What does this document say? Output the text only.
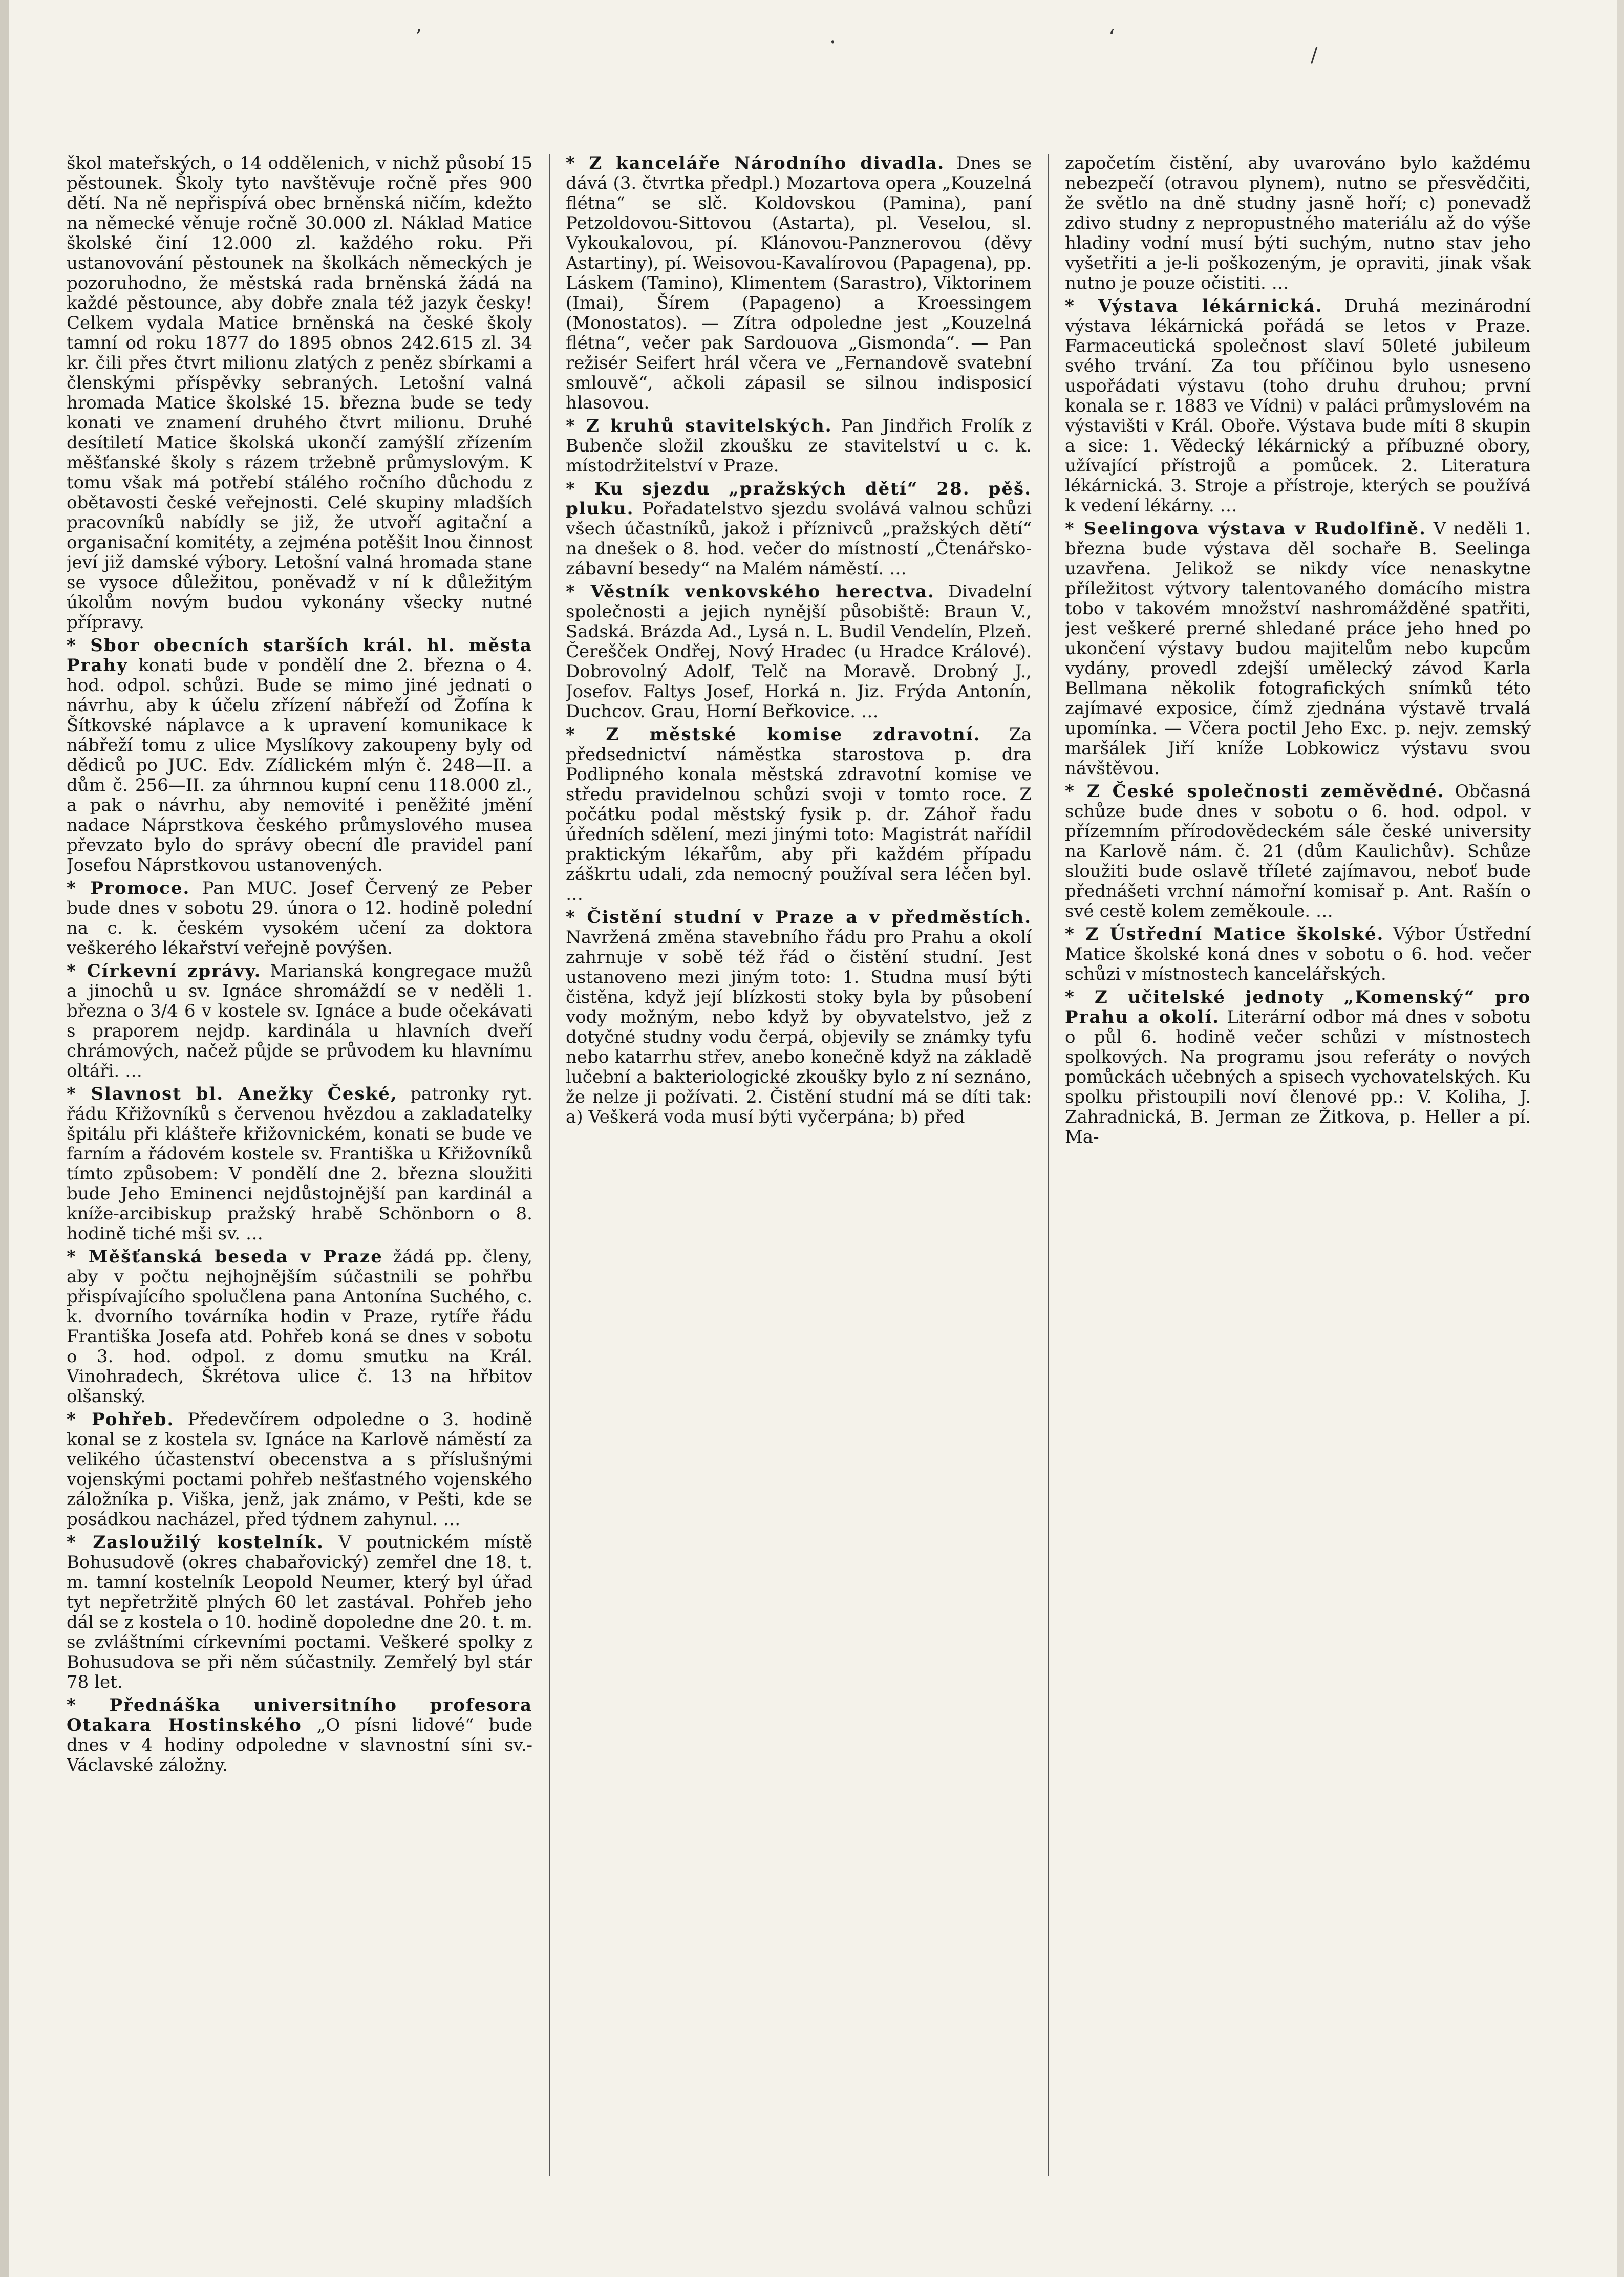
ʼ	·	ʻ
/

škol mateřských, o 14 oddělenich, v nichž působí 15 pěstounek. Školy tyto navštěvuje ročně přes 900 dětí. Na ně nepřispívá obec brněnská ničím, kdežto na německé věnuje ročně 30.000 zl. Náklad Matice školské činí 12.000 zl. každého roku. Při ustanovování pěstounek na školkách německých je pozoruhodno, že městská rada brněnská žádá na každé pěstounce, aby dobře znala též jazyk česky! Celkem vydala Matice brněnská na české školy tamní od roku 1877 do 1895 obnos 242.615 zl. 34 kr. čili přes čtvrt milionu zlatých z peněz sbírkami a členskými příspěvky sebraných. Letošní valná hromada Matice školské 15. března bude se tedy konati ve znamení druhého čtvrt milionu. Druhé desítiletí Matice školská ukončí zamýšlí zřízením měšťanské školy s rázem tržebně průmyslovým. K tomu však má potřebí stálého ročního důchodu z obětavosti české veřejnosti. Celé skupiny mladších pracovníků nabídly se již, že utvoří agitační a organisační komitéty, a zejména potěšit lnou činnost jeví již damské výbory. Letošní valná hromada stane se vysoce důležitou, poněvadž v ní k důležitým úkolům novým budou vykonány všecky nutné přípravy.

* Sbor obecních starších král. hl. města Prahy konati bude v pondělí dne 2. března o 4. hod. odpol. schůzi. Bude se mimo jiné jednati o návrhu, aby k účelu zřízení nábřeží od Žofína k Šítkovské náplavce a k upravení komunikace k nábřeží tomu z ulice Myslíkovy zakoupeny byly od dědiců po JUC. Edv. Zídlickém mlýn č. 248—II. a dům č. 256—II. za úhrnnou kupní cenu 118.000 zl., a pak o návrhu, aby nemovité i peněžité jmění nadace Náprstkova českého průmyslového musea převzato bylo do správy obecní dle pravidel paní Josefou Náprstkovou ustanovených.

* Promoce. Pan MUC. Josef Červený ze Peber bude dnes v sobotu 29. února o 12. hodině polední na c. k. českém vysokém učení za doktora veškerého lékařství veřejně povýšen.

* Církevní zprávy. Marianská kongregace mužů a jinochů u sv. Ignáce shromáždí se v neděli 1. března o 3/4 6 v kostele sv. Ignáce a bude očekávati s praporem nejdp. kardinála u hlavních dveří chrámových, načež půjde se průvodem ku hlavnímu oltáři. …

* Slavnost bl. Anežky České, patronky ryt. řádu Křižovníků s červenou hvězdou a zakladatelky špitálu při klášteře křižovnickém, konati se bude ve farním a řádovém kostele sv. Františka u Křižovníků tímto způsobem: V pondělí dne 2. března sloužiti bude Jeho Eminenci nejdůstojnější pan kardinál a kníže-arcibiskup pražský hrabě Schönborn o 8. hodině tiché mši sv. …

* Měšťanská beseda v Praze žádá pp. členy, aby v počtu nejhojnějším súčastnili se pohřbu přispívajícího spolučlena pana Antonína Suchého, c. k. dvorního továrníka hodin v Praze, rytíře řádu Františka Josefa atd. Pohřeb koná se dnes v sobotu o 3. hod. odpol. z domu smutku na Král. Vinohradech, Škrétova ulice č. 13 na hřbitov olšanský.

* Pohřeb. Předevčírem odpoledne o 3. hodině konal se z kostela sv. Ignáce na Karlově náměstí za velikého účastenství obecenstva a s příslušnými vojenskými poctami pohřeb nešťastného vojenského záložníka p. Viška, jenž, jak známo, v Pešti, kde se posádkou nacházel, před týdnem zahynul. …

* Zasloužilý kostelník. V poutnickém místě Bohusudově (okres chabařovický) zemřel dne 18. t. m. tamní kostelník Leopold Neumer, který byl úřad tyt nepřetržitě plných 60 let zastával. Pohřeb jeho dál se z kostela o 10. hodině dopoledne dne 20. t. m. se zvláštními církevními poctami. Veškeré spolky z Bohusudova se při něm súčastnily. Zemřelý byl stár 78 let.

* Přednáška universitního profesora Otakara Hostinského „O písni lidové“ bude dnes v 4 hodiny odpoledne v slavnostní síni sv.-Václavské záložny.

* Z kanceláře Národního divadla. Dnes se dává (3. čtvrtka předpl.) Mozartova opera „Kouzelná flétna“ se slč. Koldovskou (Pamina), paní Petzoldovou-Sittovou (Astarta), pl. Veselou, sl. Vykoukalovou, pí. Klánovou-Panznerovou (děvy Astartiny), pí. Weisovou-Kavalírovou (Papagena), pp. Láskem (Tamino), Klimentem (Sarastro), Viktorinem (Imai), Šírem (Papageno) a Kroessingem (Monostatos). — Zítra odpoledne jest „Kouzelná flétna“, večer pak Sardouova „Gismonda“. — Pan režisér Seifert hrál včera ve „Fernandově svatební smlouvě“, ačkoli zápasil se silnou indisposicí hlasovou.

* Z kruhů stavitelských. Pan Jindřich Frolík z Bubenče složil zkoušku ze stavitelství u c. k. místodržitelství v Praze.

* Ku sjezdu „pražských dětí“ 28. pěš. pluku. Pořadatelstvo sjezdu svolává valnou schůzi všech účastníků, jakož i příznivců „pražských dětí“ na dnešek o 8. hod. večer do místností „Čtenářsko-zábavní besedy“ na Malém náměstí. …

* Věstník venkovského herectva. Divadelní společnosti a jejich nynější působiště: Braun V., Sadská. Brázda Ad., Lysá n. L. Budil Vendelín, Plzeň. Čerešček Ondřej, Nový Hradec (u Hradce Králové). Dobrovolný Adolf, Telč na Moravě. Drobný J., Josefov. Faltys Josef, Horká n. Jiz. Frýda Antonín, Duchcov. Grau, Horní Beřkovice. …

* Z městské komise zdravotní. Za předsednictví náměstka starostova p. dra Podlipného konala městská zdravotní komise ve středu pravidelnou schůzi svoji v tomto roce. Z počátku podal městský fysik p. dr. Záhoř řadu úředních sdělení, mezi jinými toto: Magistrát nařídil praktickým lékařům, aby při každém případu záškrtu udali, zda nemocný používal sera léčen byl. …

* Čistění studní v Praze a v předměstích. Navržená změna stavebního řádu pro Prahu a okolí zahrnuje v sobě též řád o čistění studní. Jest ustanoveno mezi jiným toto: 1. Studna musí býti čistěna, když její blízkosti stoky byla by působení vody možným, nebo když by obyvatelstvo, jež z dotyčné studny vodu čerpá, objevily se známky tyfu nebo katarrhu střev, anebo konečně když na základě lučební a bakteriologické zkoušky bylo z ní seznáno, že nelze ji požívati. 2. Čistění studní má se díti tak: a) Veškerá voda musí býti vyčerpána; b) před

započetím čistění, aby uvarováno bylo každému nebezpečí (otravou plynem), nutno se přesvědčiti, že světlo na dně studny jasně hoří; c) ponevadž zdivo studny z nepropustného materiálu až do výše hladiny vodní musí býti suchým, nutno stav jeho vyšetřiti a je-li poškozeným, je opraviti, jinak však nutno je pouze očistiti. …

* Výstava lékárnická. Druhá mezinárodní výstava lékárnická pořádá se letos v Praze. Farmaceutická společnost slaví 50leté jubileum svého trvání. Za tou příčinou bylo usneseno uspořádati výstavu (toho druhu druhou; první konala se r. 1883 ve Vídni) v paláci průmyslovém na výstavišti v Král. Oboře. Výstava bude míti 8 skupin a sice: 1. Vědecký lékárnický a příbuzné obory, užívající přístrojů a pomůcek. 2. Literatura lékárnická. 3. Stroje a přístroje, kterých se používá k vedení lékárny. …

* Seelingova výstava v Rudolfině. V neděli 1. března bude výstava děl sochaře B. Seelinga uzavřena. Jelikož se nikdy více nenaskytne příležitost výtvory talentovaného domácího mistra tobo v takovém množství nashromážděné spatřiti, jest veškeré prerné shledané práce jeho hned po ukončení výstavy budou majitelům nebo kupcům vydány, provedl zdejší umělecký závod Karla Bellmana několik fotografických snímků této zajímavé exposice, čímž zjednána výstavě trvalá upomínka. — Včera poctil Jeho Exc. p. nejv. zemský maršálek Jiří kníže Lobkowicz výstavu svou návštěvou.

* Z České společnosti zeměvědné. Občasná schůze bude dnes v sobotu o 6. hod. odpol. v přízemním přírodovědeckém sále české university na Karlově nám. č. 21 (dům Kaulichův). Schůze sloužiti bude oslavě tříleté zajímavou, neboť bude přednášeti vrchní námořní komisař p. Ant. Rašín o své cestě kolem zeměkoule. …

* Z Ústřední Matice školské. Výbor Ústřední Matice školské koná dnes v sobotu o 6. hod. večer schůzi v místnostech kancelářských.

* Z učitelské jednoty „Komenský“ pro Prahu a okolí. Literární odbor má dnes v sobotu o půl 6. hodině večer schůzi v místnostech spolkových. Na programu jsou referáty o nových pomůckách učebných a spisech vychovatelských. Ku spolku přistoupili noví členové pp.: V. Koliha, J. Zahradnická, B. Jerman ze Žitkova, p. Heller a pí. Ma-
